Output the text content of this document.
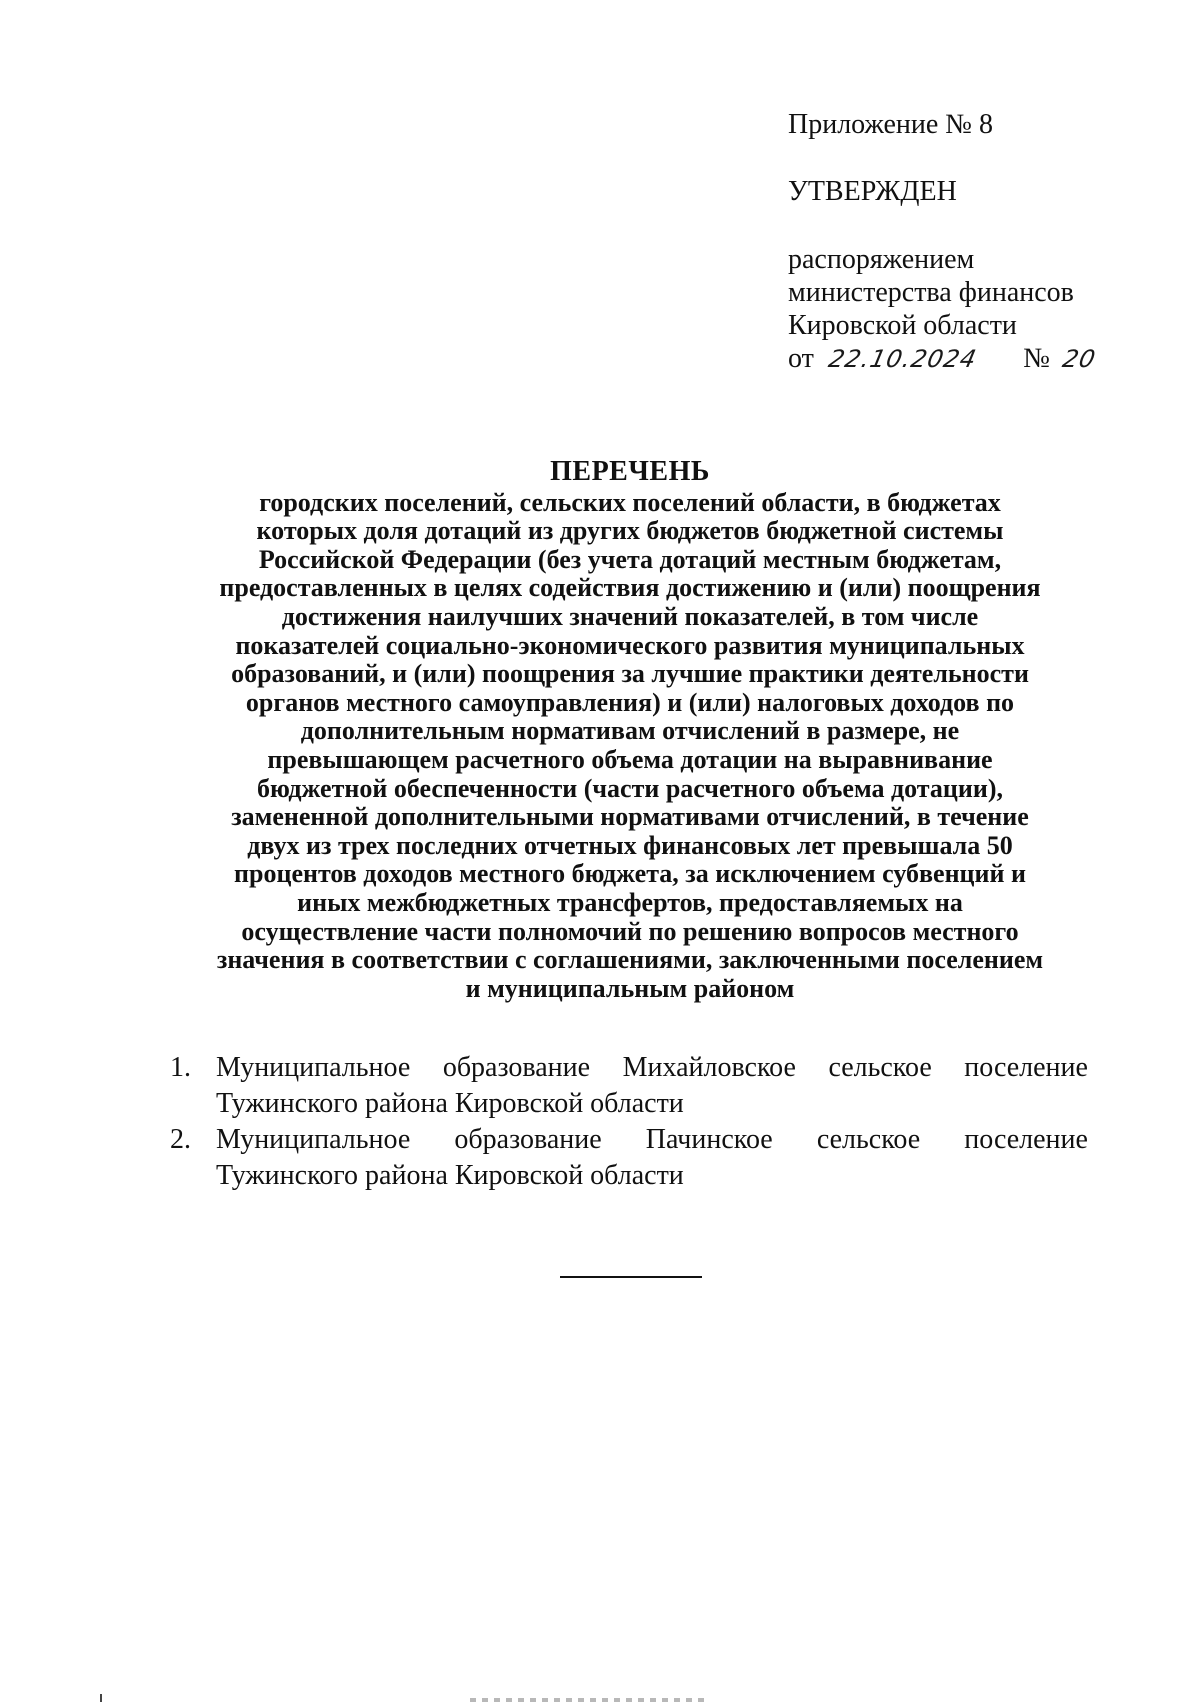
Приложение № 8
УТВЕРЖДЕН
распоряжением
министерства финансов
Кировской области
от 22.10.2024 № 20
ПЕРЕЧЕНЬ
городских поселений, сельских поселений области, в бюджетах
которых доля дотаций из других бюджетов бюджетной системы
Российской Федерации (без учета дотаций местным бюджетам,
предоставленных в целях содействия достижению и (или) поощрения
достижения наилучших значений показателей, в том числе
показателей социально-экономического развития муниципальных
образований, и (или) поощрения за лучшие практики деятельности
органов местного самоуправления) и (или) налоговых доходов по
дополнительным нормативам отчислений в размере, не
превышающем расчетного объема дотации на выравнивание
бюджетной обеспеченности (части расчетного объема дотации),
замененной дополнительными нормативами отчислений, в течение
двух из трех последних отчетных финансовых лет превышала 50
процентов доходов местного бюджета, за исключением субвенций и
иных межбюджетных трансфертов, предоставляемых на
осуществление части полномочий по решению вопросов местного
значения в соответствии с соглашениями, заключенными поселением
и муниципальным районом
1. Муниципальное образование Михайловское сельское поселение
Тужинского района Кировской области
2. Муниципальное образование Пачинское сельское поселение
Тужинского района Кировской области
